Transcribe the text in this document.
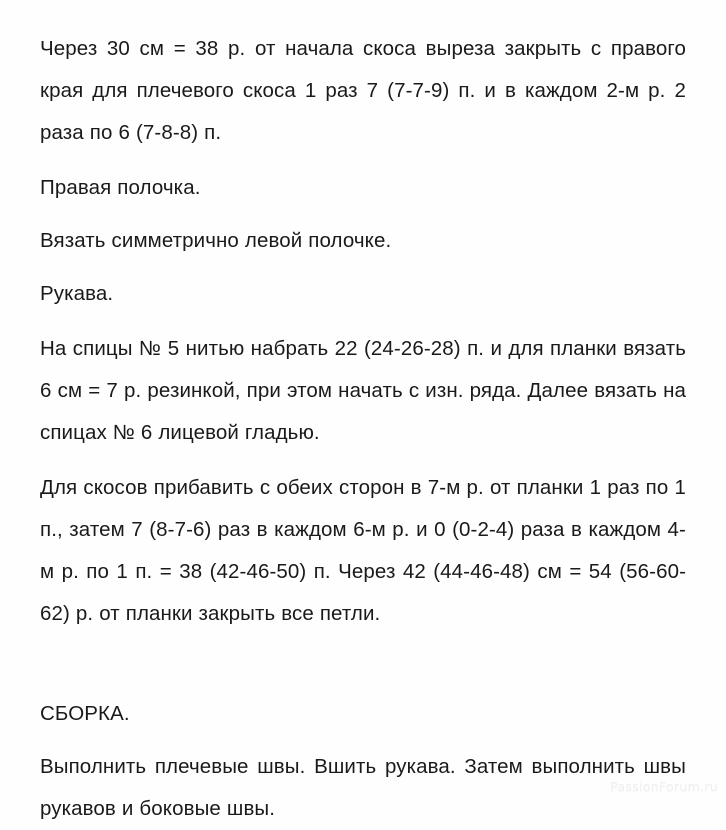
Через 30 см = 38 р. от начала скоса выреза закрыть с правого края для плечевого скоса 1 раз 7 (7-7-9) п. и в каждом 2-м р. 2 раза по 6 (7-8-8) п.

Правая полочка.

Вязать симметрично левой полочке.

Рукава.

На спицы № 5 нитью набрать 22 (24-26-28) п. и для планки вязать 6 см = 7 р. резинкой, при этом начать с изн. ряда. Далее вязать на спицах № 6 лицевой гладью.

Для скосов прибавить с обеих сторон в 7-м р. от планки 1 раз по 1 п., затем 7 (8-7-6) раз в каждом 6-м р. и 0 (0-2-4) раза в каждом 4-м р. по 1 п. = 38 (42-46-50) п. Через 42 (44-46-48) см = 54 (56-60-62) р. от планки закрыть все петли.

СБОРКА.

Выполнить плечевые швы. Вшить рукава. Затем выполнить швы рукавов и боковые швы.

PassionForum.ru
